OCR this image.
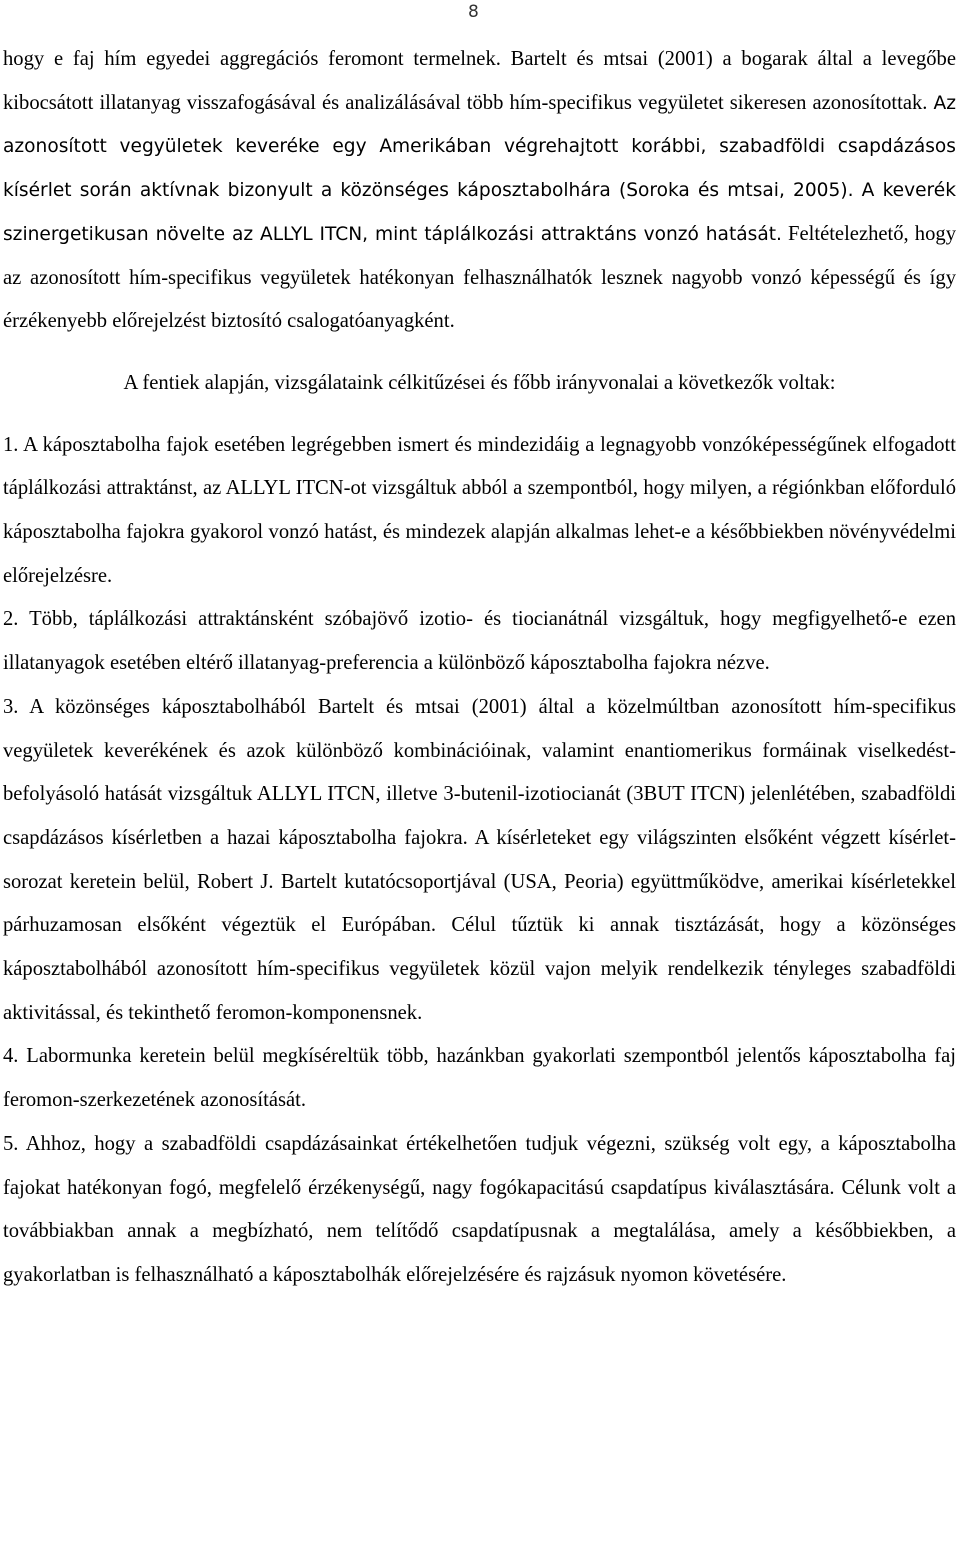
8

hogy e faj hím egyedei aggregációs feromont termelnek. Bartelt és mtsai (2001) a bogarak által a levegőbe kibocsátott illatanyag visszafogásával és analizálásával több hím-specifikus vegyületet sikeresen azonosítottak. Az azonosított vegyületek keveréke egy Amerikában végrehajtott korábbi, szabadföldi csapdázásos kísérlet során aktívnak bizonyult a közönséges káposztabolhára (Soroka és mtsai, 2005). A keverék szinergetikusan növelte az ALLYL ITCN, mint táplálkozási attraktáns vonzó hatását. Feltételezhető, hogy az azonosított hím-specifikus vegyületek hatékonyan felhasználhatók lesznek nagyobb vonzó képességű és így érzékenyebb előrejelzést biztosító csalogatóanyagként.

A fentiek alapján, vizsgálataink célkitűzései és főbb irányvonalai a következők voltak:

1. A káposztabolha fajok esetében legrégebben ismert és mindezidáig a legnagyobb vonzóképességűnek elfogadott táplálkozási attraktánst, az ALLYL ITCN-ot vizsgáltuk abból a szempontból, hogy milyen, a régiónkban előforduló káposztabolha fajokra gyakorol vonzó hatást, és mindezek alapján alkalmas lehet-e a későbbiekben növényvédelmi előrejelzésre.

2. Több, táplálkozási attraktánsként szóbajövő izotio- és tiocianátnál vizsgáltuk, hogy megfigyelhető-e ezen illatanyagok esetében eltérő illatanyag-preferencia a különböző káposztabolha fajokra nézve.

3. A közönséges káposztabolhából Bartelt és mtsai (2001) által a közelmúltban azonosított hím-specifikus vegyületek keverékének és azok különböző kombinációinak, valamint enantiomerikus formáinak viselkedést-befolyásoló hatását vizsgáltuk ALLYL ITCN, illetve 3-butenil-izotiocianát (3BUT ITCN) jelenlétében, szabadföldi csapdázásos kísérletben a hazai káposztabolha fajokra. A kísérleteket egy világszinten elsőként végzett kísérlet-sorozat keretein belül, Robert J. Bartelt kutatócsoportjával (USA, Peoria) együttműködve, amerikai kísérletekkel párhuzamosan elsőként végeztük el Európában. Célul tűztük ki annak tisztázását, hogy a közönséges káposztabolhából azonosított hím-specifikus vegyületek közül vajon melyik rendelkezik tényleges szabadföldi aktivitással, és tekinthető feromon-komponensnek.

4. Labormunka keretein belül megkíséreltük több, hazánkban gyakorlati szempontból jelentős káposztabolha faj feromon-szerkezetének azonosítását.

5. Ahhoz, hogy a szabadföldi csapdázásainkat értékelhetően tudjuk végezni, szükség volt egy, a káposztabolha fajokat hatékonyan fogó, megfelelő érzékenységű, nagy fogókapacitású csapdatípus kiválasztására. Célunk volt a továbbiakban annak a megbízható, nem telítődő csapdatípusnak a megtalálása, amely a későbbiekben, a gyakorlatban is felhasználható a káposztabolhák előrejelzésére és rajzásuk nyomon követésére.
